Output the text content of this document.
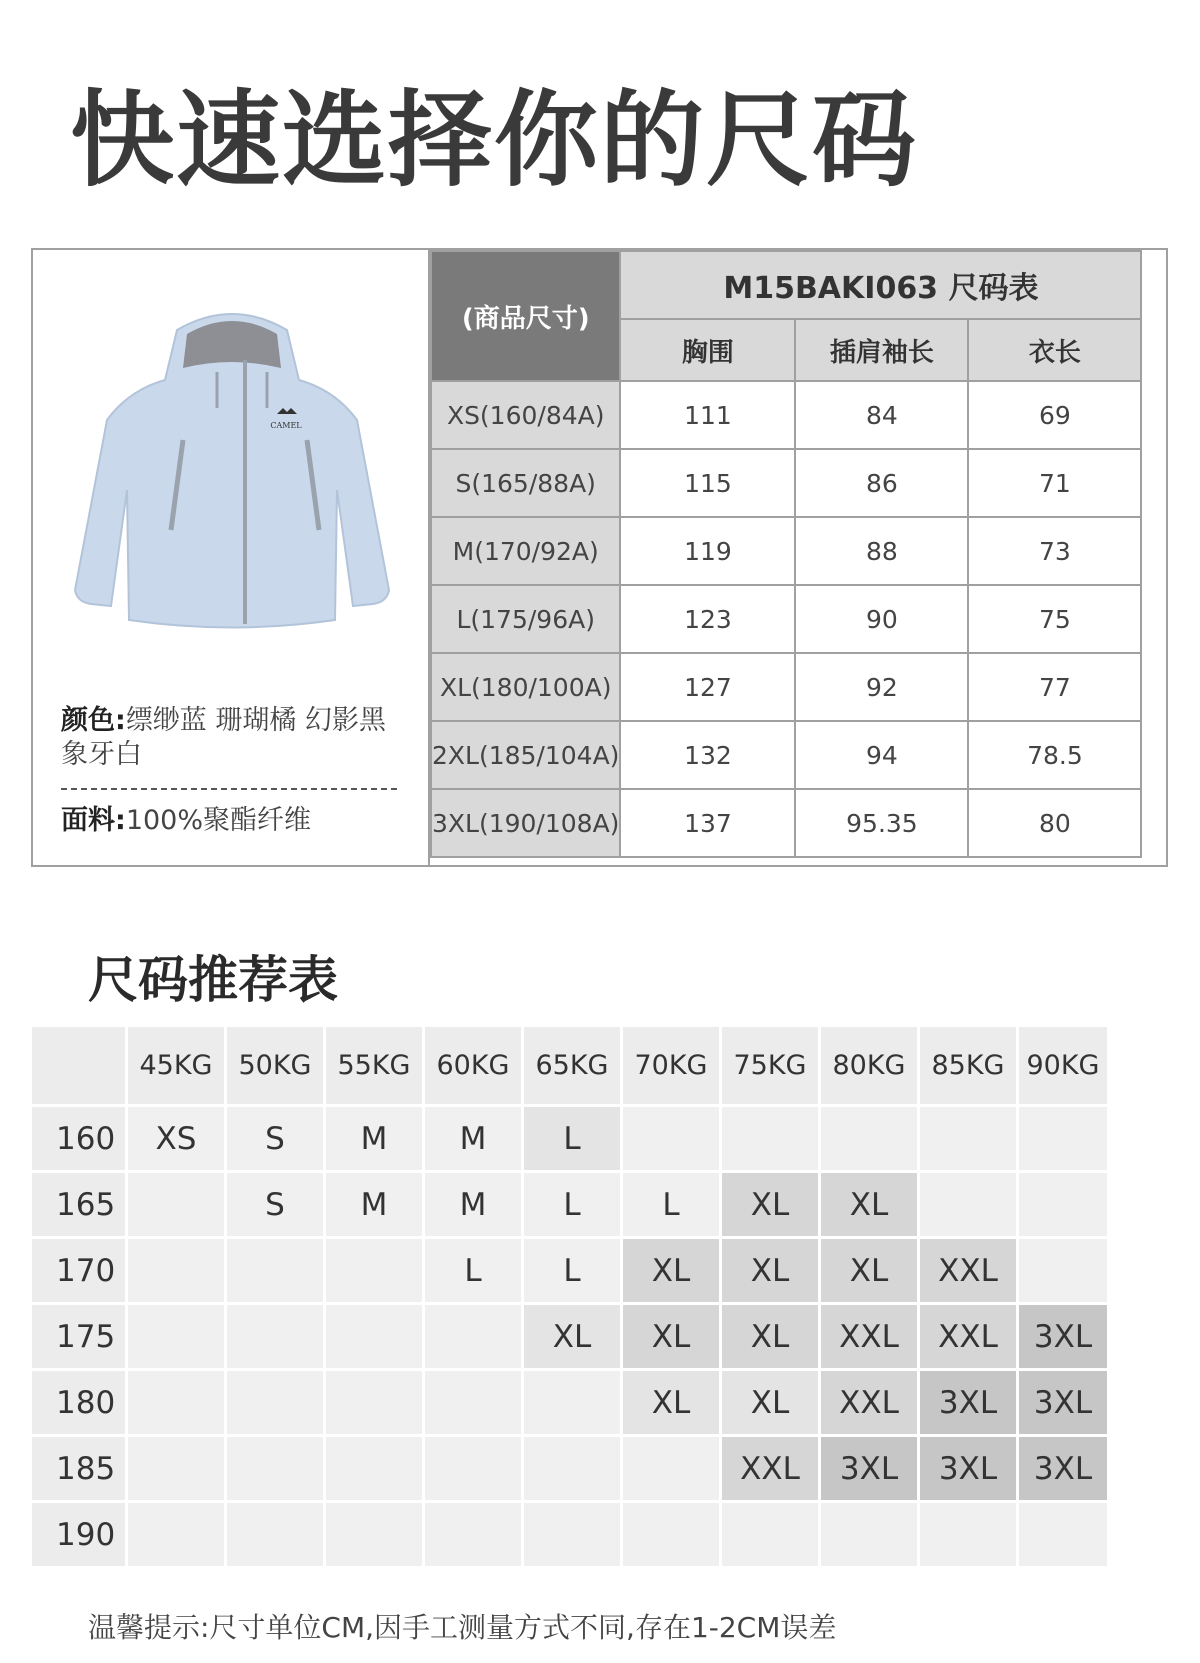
快速选择你的尺码
CAMEL
颜色:缥缈蓝 珊瑚橘 幻影黑 象牙白
面料:100%聚酯纤维
(商品尺寸)	M15BAKI063 尺码表		
	胸围	插肩袖长	衣长
XS(160/84A)	111	84	69
S(165/88A)	115	86	71
M(170/92A)	119	88	73
L(175/96A)	123	90	75
XL(180/100A)	127	92	77
2XL(185/104A)	132	94	78.5
3XL(190/108A)	137	95.35	80
尺码推荐表
	45KG	50KG	55KG	60KG	65KG	70KG	75KG	80KG	85KG	90KG
160	XS	S	M	M	L					
165		S	M	M	L	L	XL	XL		
170				L	L	XL	XL	XL	XXL	
175					XL	XL	XL	XXL	XXL	3XL
180						XL	XL	XXL	3XL	3XL
185							XXL	3XL	3XL	3XL
190										
温馨提示:尺寸单位CM,因手工测量方式不同,存在1-2CM误差
